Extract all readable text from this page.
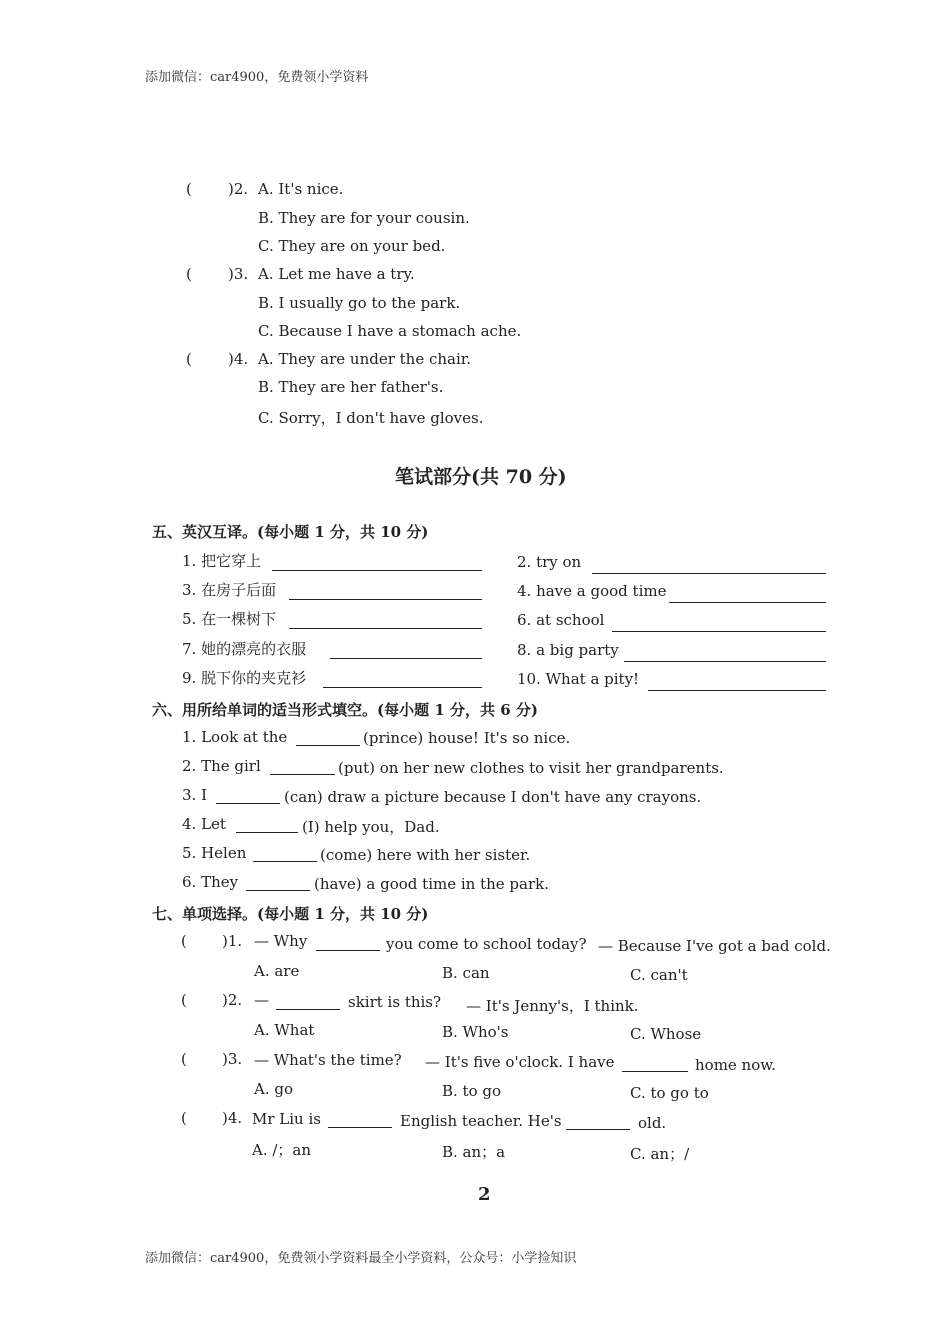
添加微信：car4900，免费领小学资料
( )2. A. It's nice.
B. They are for your cousin.
C. They are on your bed.
( )3. A. Let me have a try.
B. I usually go to the park.
C. Because I have a stomach ache.
( )4. A. They are under the chair.
B. They are her father's.
C. Sorry，I don't have gloves.
笔试部分(共 70 分)
五、英汉互译。(每小题 1 分，共 10 分)
1. 把它穿上	2. try on
3. 在房子后面	4. have a good time
5. 在一棵树下	6. at school
7. 她的漂亮的衣服	8. a big party
9. 脱下你的夹克衫	10. What a pity!
六、用所给单词的适当形式填空。(每小题 1 分，共 6 分)
1. Look at the	(prince) house! It's so nice.
2. The girl	(put) on her new clothes to visit her grandparents.
3. I	(can) draw a picture because I don't have any crayons.
4. Let	(I) help you，Dad.
5. Helen	(come) here with her sister.
6. They	(have) a good time in the park.
七、单项选择。(每小题 1 分，共 10 分)
( )1. — Why	you come to school today? — Because I've got a bad cold.
A. are	B. can	C. can't
( )2. —	skirt is this? — It's Jenny's，I think.
A. What	B. Who's	C. Whose
( )3. — What's the time? — It's five o'clock. I have	home now.
A. go	B. to go	C. to go to
( )4. Mr Liu is	English teacher. He's	old.
A. /；an	B. an；a	C. an；/
2
添加微信：car4900，免费领小学资料最全小学资料，公众号：小学捡知识
